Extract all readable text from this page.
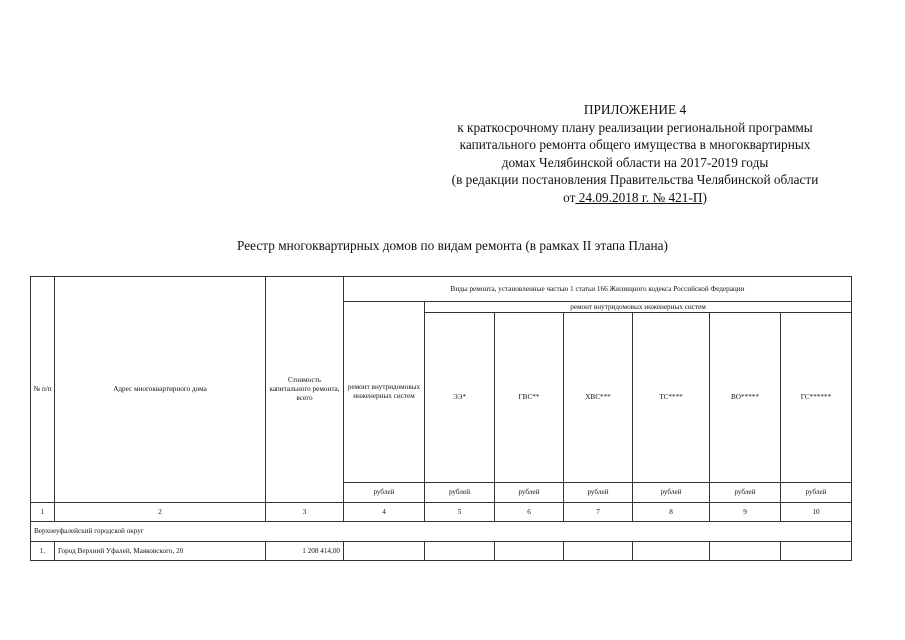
ПРИЛОЖЕНИЕ 4
к краткосрочному плану реализации региональной программы
капитального ремонта общего имущества в многоквартирных
домах Челябинской области на 2017-2019 годы
(в редакции постановления Правительства Челябинской области
от 24.09.2018 г. № 421-П)
Реестр многоквартирных домов по видам ремонта (в рамках II этапа Плана)
№ п/п	Адрес многоквартирного дома	Стоимость капитального ремонта, всего	Виды ремонта, установленные частью 1 статьи 166 Жилищного кодекса Российской Федерации							
			ремонт внутридомовых инженерных систем	ремонт внутридомовых инженерных систем						
				ЭЭ*	ГВС**	ХВС***	ТС****	ВО*****	ГС******	
			рублей	рублей	рублей	рублей	рублей	рублей	рублей	
1	2	3	4	5	6	7	8	9	10	
Верхнеуфалейский городской округ										
1.	Город Верхний Уфалей, Маяковского, 20	1 208 414,00								
